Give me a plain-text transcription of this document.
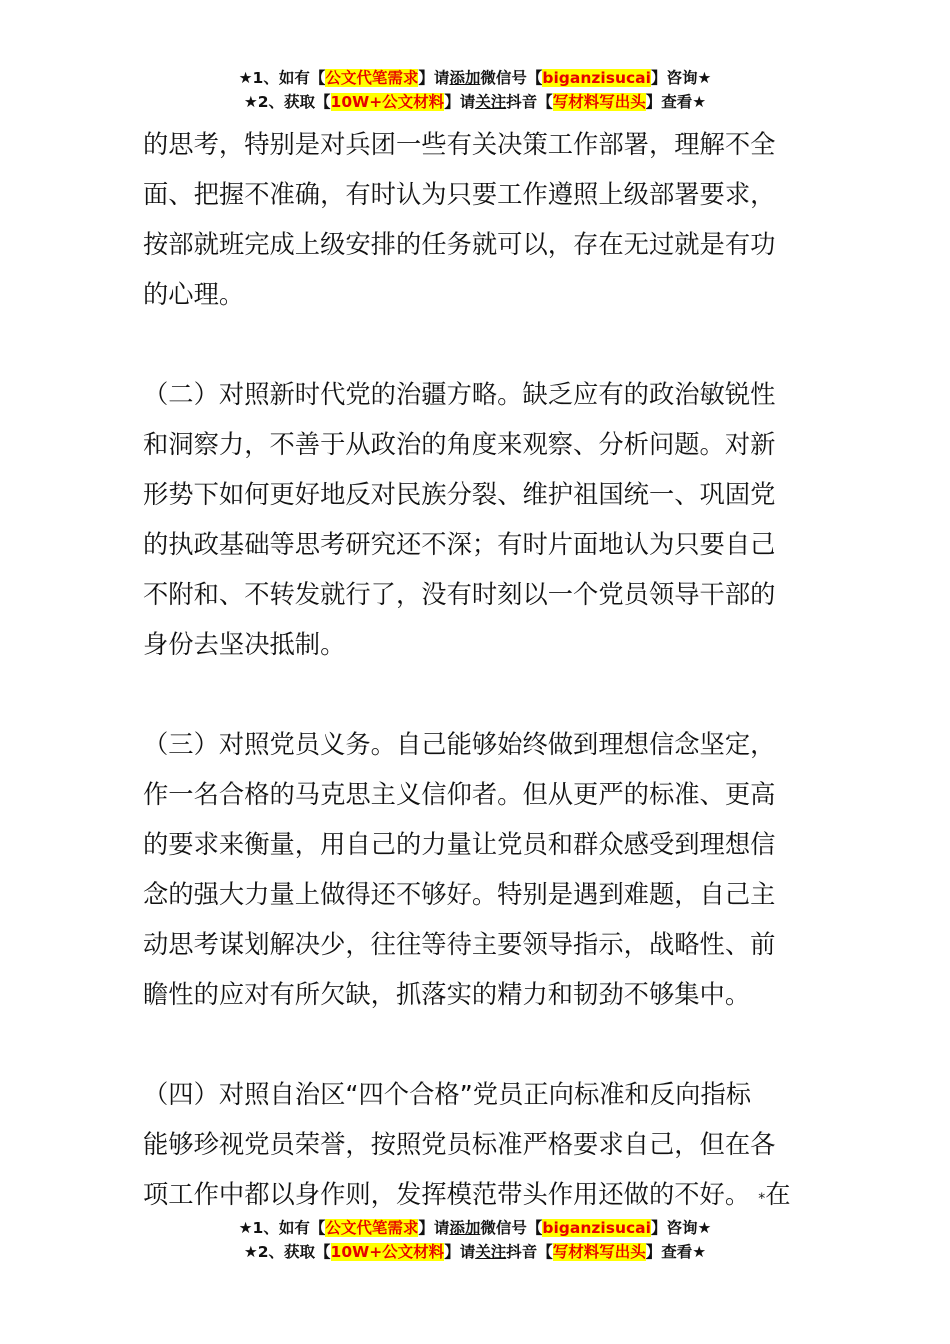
★1、如有【公文代笔需求】请添加微信号【biganzisucai】咨询★
★2、获取【10W+公文材料】请关注抖音【写材料写出头】查看★

的思考，特别是对兵团一些有关决策工作部署，理解不全
面、把握不准确，有时认为只要工作遵照上级部署要求，
按部就班完成上级安排的任务就可以，存在无过就是有功
的心理。

（二）对照新时代党的治疆方略。缺乏应有的政治敏锐性
和洞察力，不善于从政治的角度来观察、分析问题。对新
形势下如何更好地反对民族分裂、维护祖国统一、巩固党
的执政基础等思考研究还不深；有时片面地认为只要自己
不附和、不转发就行了，没有时刻以一个党员领导干部的
身份去坚决抵制。

（三）对照党员义务。自己能够始终做到理想信念坚定，
作一名合格的马克思主义信仰者。但从更严的标准、更高
的要求来衡量，用自己的力量让党员和群众感受到理想信
念的强大力量上做得还不够好。特别是遇到难题，自己主
动思考谋划解决少，往往等待主要领导指示，战略性、前
瞻性的应对有所欠缺，抓落实的精力和韧劲不够集中。

（四）对照自治区“四个合格”党员正向标准和反向指标
能够珍视党员荣誉，按照党员标准严格要求自己，但在各
项工作中都以身作则，发挥模范带头作用还做的不好。 *在

★1、如有【公文代笔需求】请添加微信号【biganzisucai】咨询★
★2、获取【10W+公文材料】请关注抖音【写材料写出头】查看★
